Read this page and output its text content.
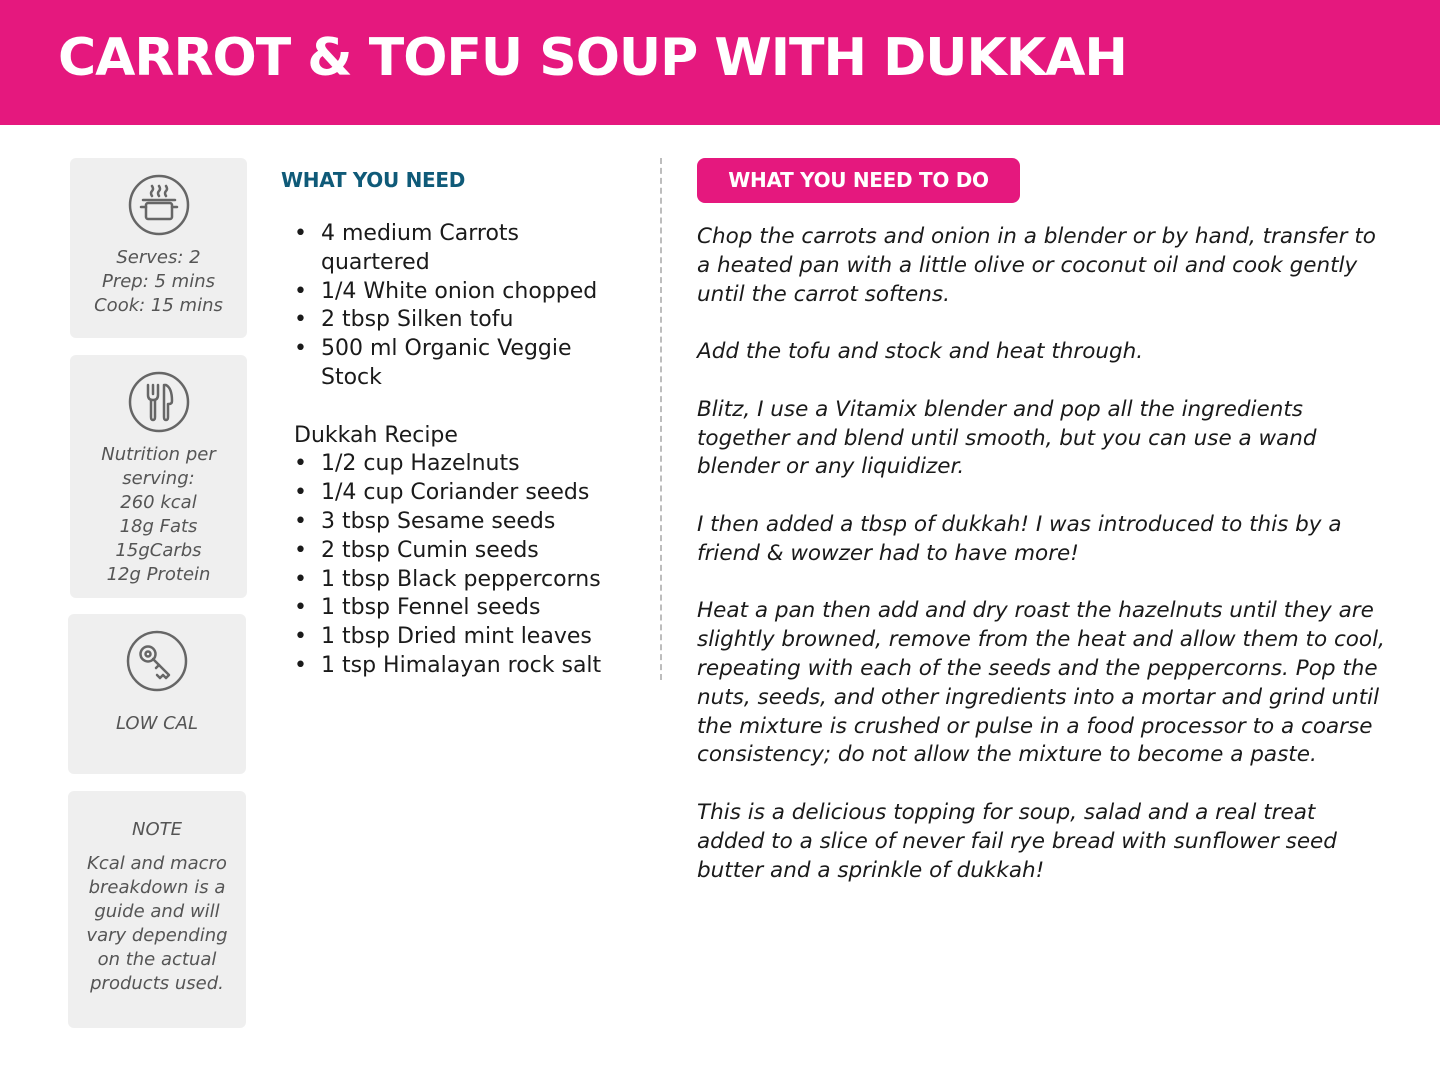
CARROT & TOFU SOUP WITH DUKKAH
Serves: 2
Prep: 5 mins
Cook: 15 mins
Nutrition per
serving:
260 kcal
18g Fats
15gCarbs
12g Protein
LOW CAL
NOTE
Kcal and macro
breakdown is a
guide and will
vary depending
on the actual
products used.
WHAT YOU NEED
• 4 medium Carrots quartered
• 1/4 White onion chopped
• 2 tbsp Silken tofu
• 500 ml Organic Veggie Stock
Dukkah Recipe
• 1/2 cup Hazelnuts
• 1/4 cup Coriander seeds
• 3 tbsp Sesame seeds
• 2 tbsp Cumin seeds
• 1 tbsp Black peppercorns
• 1 tbsp Fennel seeds
• 1 tbsp Dried mint leaves
• 1 tsp Himalayan rock salt
WHAT YOU NEED TO DO

Chop the carrots and onion in a blender or by hand, transfer to a heated pan with a little olive or coconut oil and cook gently until the carrot softens.

Add the tofu and stock and heat through.

Blitz, I use a Vitamix blender and pop all the ingredients together and blend until smooth, but you can use a wand blender or any liquidizer.

I then added a tbsp of dukkah! I was introduced to this by a friend & wowzer had to have more!

Heat a pan then add and dry roast the hazelnuts until they are slightly browned, remove from the heat and allow them to cool, repeating with each of the seeds and the peppercorns. Pop the nuts, seeds, and other ingredients into a mortar and grind until the mixture is crushed or pulse in a food processor to a coarse consistency; do not allow the mixture to become a paste.

This is a delicious topping for soup, salad and a real treat added to a slice of never fail rye bread with sunflower seed butter and a sprinkle of dukkah!
